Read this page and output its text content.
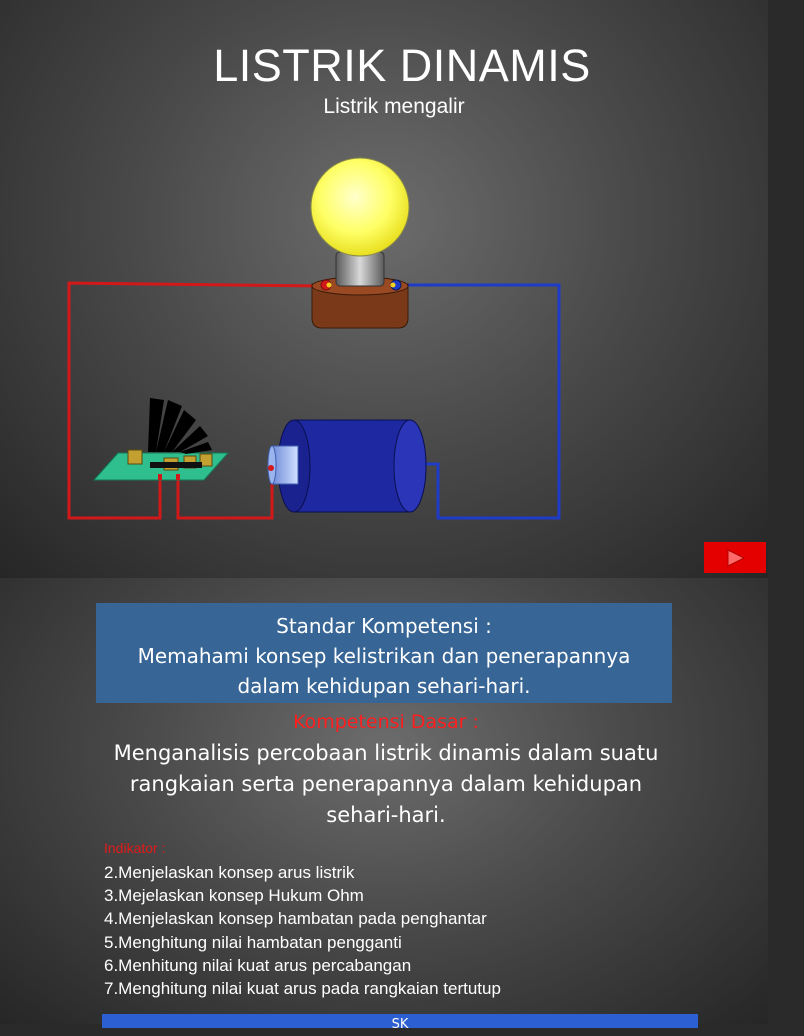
LISTRIK DINAMIS
Listrik mengalir
Standar Kompetensi :
Memahami konsep kelistrikan dan penerapannya
dalam kehidupan sehari-hari.
Kompetensi Dasar :
Menganalisis percobaan listrik dinamis dalam suatu
rangkaian serta penerapannya dalam kehidupan
sehari-hari.
Indikator :
2.Menjelaskan konsep arus listrik
3.Mejelaskan konsep Hukum Ohm
4.Menjelaskan konsep hambatan pada penghantar
5.Menghitung nilai hambatan pengganti
6.Menhitung nilai kuat arus percabangan
7.Menghitung nilai kuat arus pada rangkaian tertutup
SK
